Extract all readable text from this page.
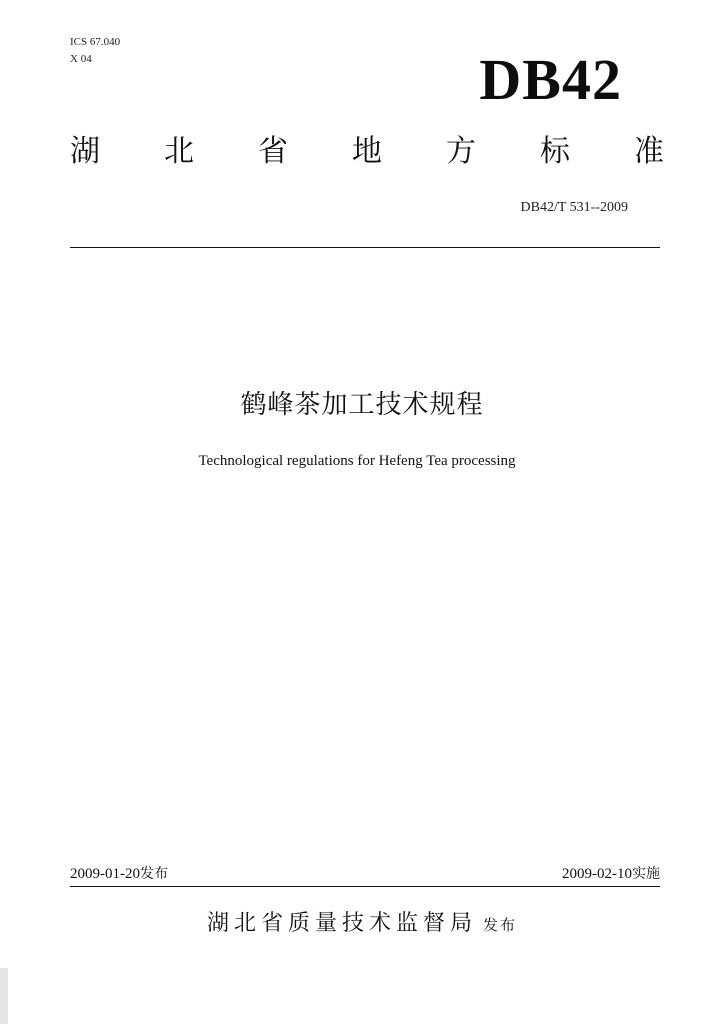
ICS 67.040
X 04	DB42
湖 北 省 地 方 标 准
DB42/T 531--2009
鹤峰茶加工技术规程
Technological regulations for Hefeng Tea processing
2009-01-20发布	2009-02-10实施
湖北省质量技术监督局 发布
